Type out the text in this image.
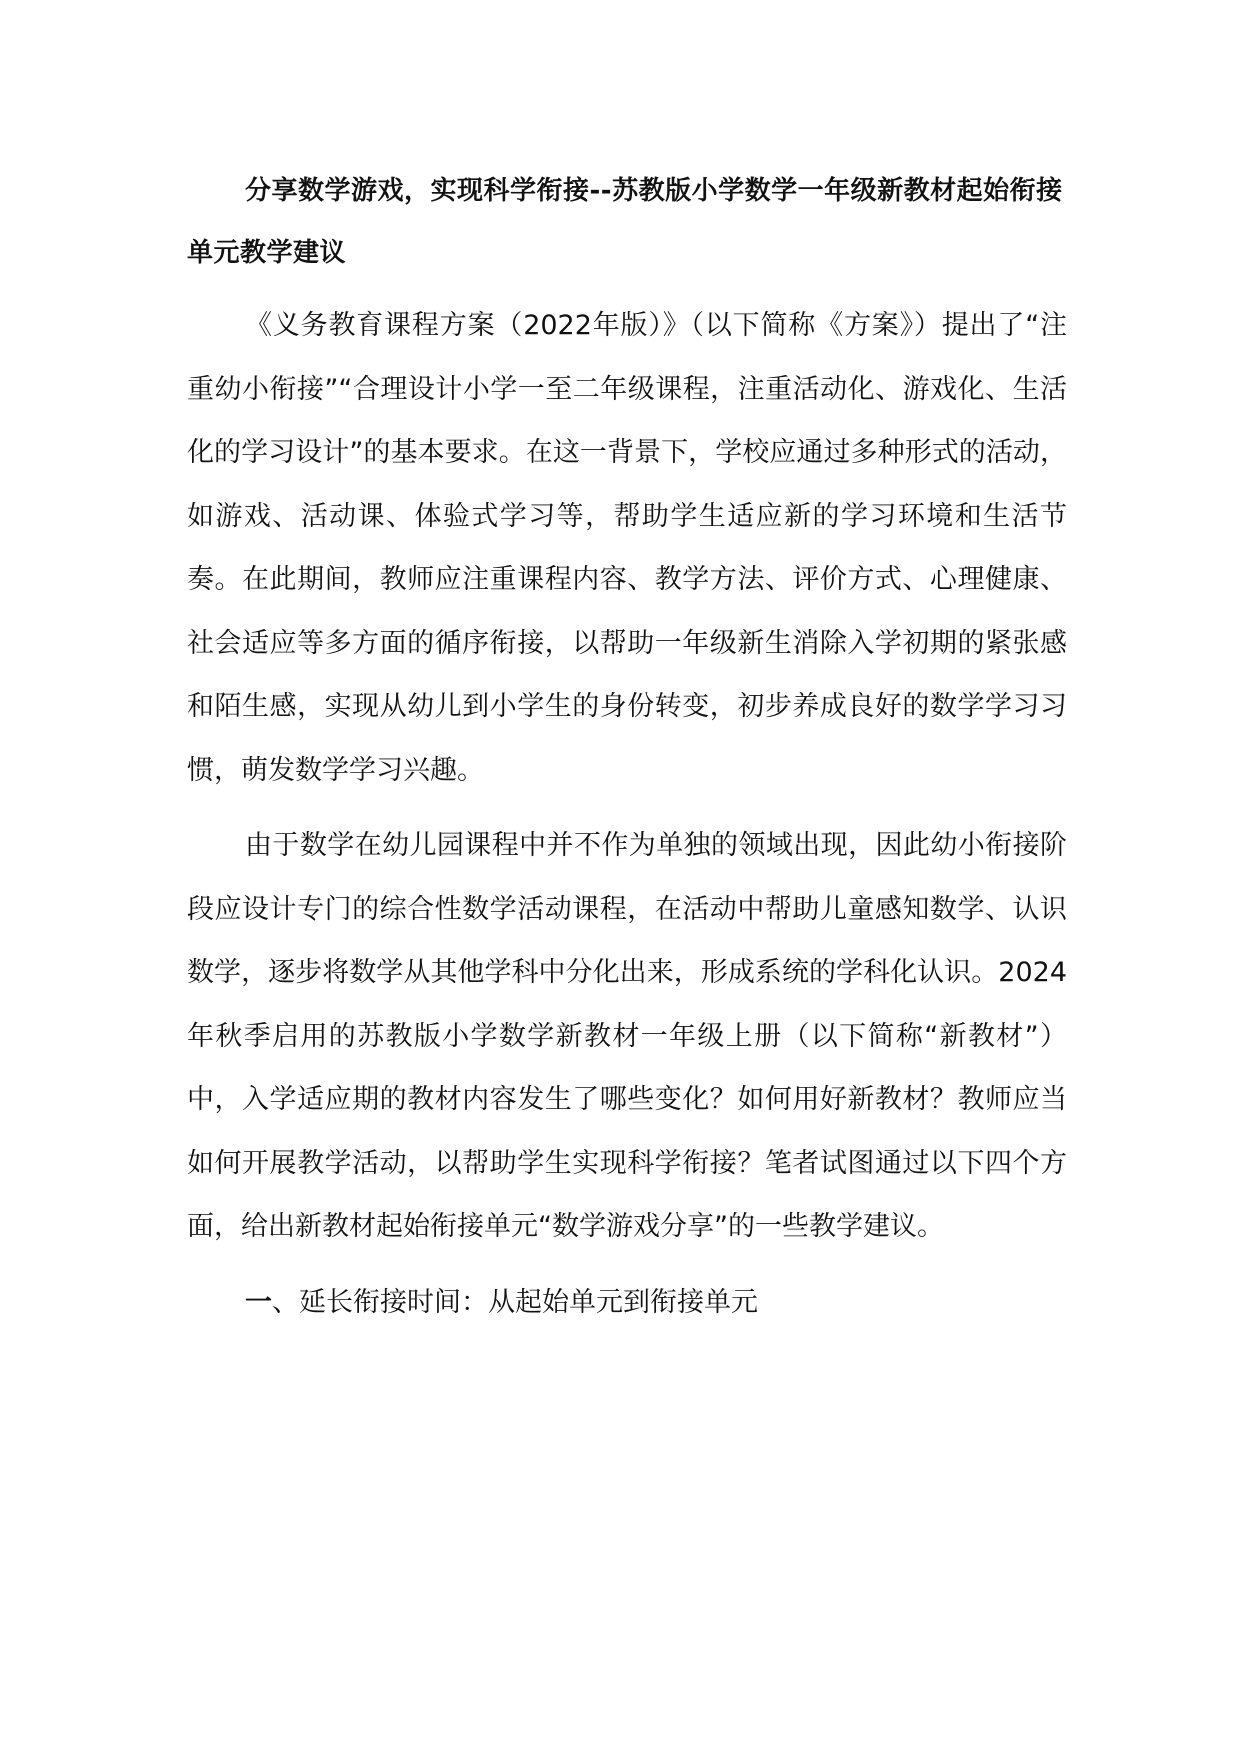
分享数学游戏，实现科学衔接--苏教版小学数学一年级新教材起始衔接单元教学建议

《义务教育课程方案（2022年版）》（以下简称《方案》）提出了“注重幼小衔接”“合理设计小学一至二年级课程，注重活动化、游戏化、生活化的学习设计”的基本要求。在这一背景下，学校应通过多种形式的活动，如游戏、活动课、体验式学习等，帮助学生适应新的学习环境和生活节奏。在此期间，教师应注重课程内容、教学方法、评价方式、心理健康、社会适应等多方面的循序衔接，以帮助一年级新生消除入学初期的紧张感和陌生感，实现从幼儿到小学生的身份转变，初步养成良好的数学学习习惯，萌发数学学习兴趣。

由于数学在幼儿园课程中并不作为单独的领域出现，因此幼小衔接阶段应设计专门的综合性数学活动课程，在活动中帮助儿童感知数学、认识数学，逐步将数学从其他学科中分化出来，形成系统的学科化认识。2024年秋季启用的苏教版小学数学新教材一年级上册（以下简称“新教材”）中，入学适应期的教材内容发生了哪些变化？如何用好新教材？教师应当如何开展教学活动，以帮助学生实现科学衔接？笔者试图通过以下四个方面，给出新教材起始衔接单元“数学游戏分享”的一些教学建议。

一、延长衔接时间：从起始单元到衔接单元
